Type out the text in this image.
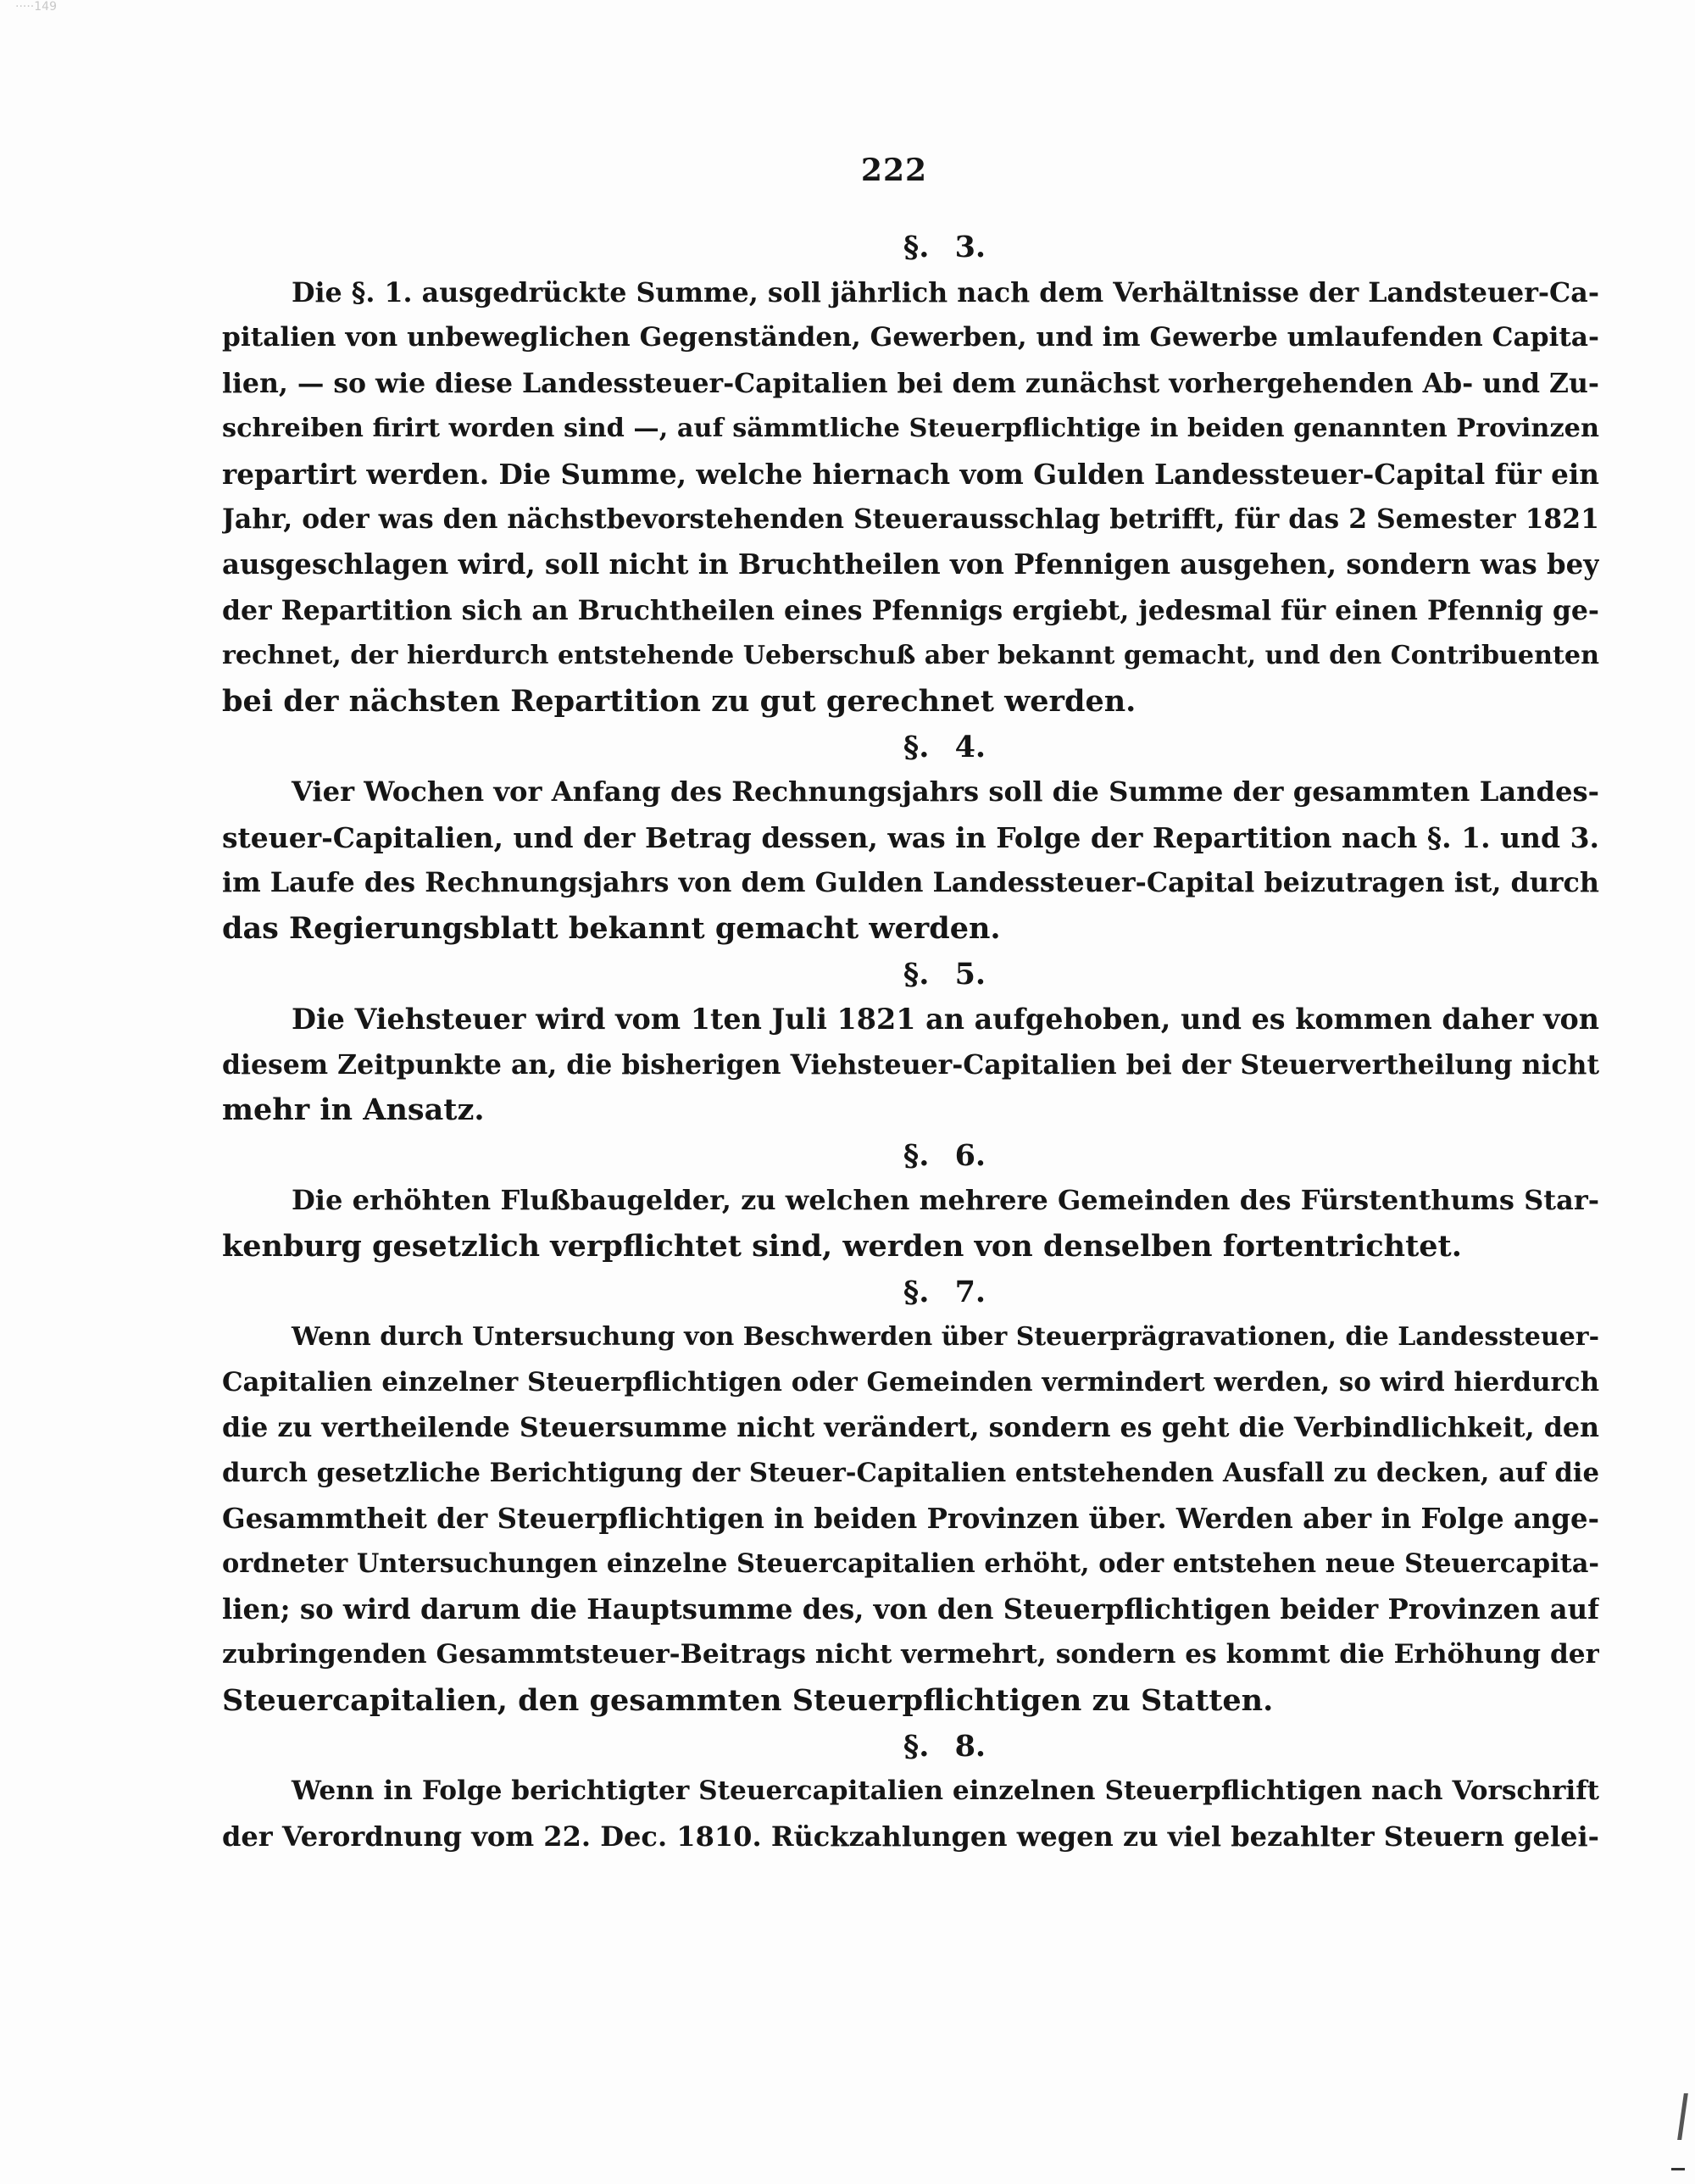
·····149
222
§. 3.
Die §. 1. ausgedrückte Summe, soll jährlich nach dem Verhältnisse der Landsteuer-Ca-
pitalien von unbeweglichen Gegenständen, Gewerben, und im Gewerbe umlaufenden Capita-
lien, — so wie diese Landessteuer-Capitalien bei dem zunächst vorhergehenden Ab- und Zu-
schreiben firirt worden sind —, auf sämmtliche Steuerpflichtige in beiden genannten Provinzen
repartirt werden. Die Summe, welche hiernach vom Gulden Landessteuer-Capital für ein
Jahr, oder was den nächstbevorstehenden Steuerausschlag betrifft, für das 2 Semester 1821
ausgeschlagen wird, soll nicht in Bruchtheilen von Pfennigen ausgehen, sondern was bey
der Repartition sich an Bruchtheilen eines Pfennigs ergiebt, jedesmal für einen Pfennig ge-
rechnet, der hierdurch entstehende Ueberschuß aber bekannt gemacht, und den Contribuenten
bei der nächsten Repartition zu gut gerechnet werden.
§. 4.
Vier Wochen vor Anfang des Rechnungsjahrs soll die Summe der gesammten Landes-
steuer-Capitalien, und der Betrag dessen, was in Folge der Repartition nach §. 1. und 3.
im Laufe des Rechnungsjahrs von dem Gulden Landessteuer-Capital beizutragen ist, durch
das Regierungsblatt bekannt gemacht werden.
§. 5.
Die Viehsteuer wird vom 1ten Juli 1821 an aufgehoben, und es kommen daher von
diesem Zeitpunkte an, die bisherigen Viehsteuer-Capitalien bei der Steuervertheilung nicht
mehr in Ansatz.
§. 6.
Die erhöhten Flußbaugelder, zu welchen mehrere Gemeinden des Fürstenthums Star-
kenburg gesetzlich verpflichtet sind, werden von denselben fortentrichtet.
§. 7.
Wenn durch Untersuchung von Beschwerden über Steuerprägravationen, die Landessteuer-
Capitalien einzelner Steuerpflichtigen oder Gemeinden vermindert werden, so wird hierdurch
die zu vertheilende Steuersumme nicht verändert, sondern es geht die Verbindlichkeit, den
durch gesetzliche Berichtigung der Steuer-Capitalien entstehenden Ausfall zu decken, auf die
Gesammtheit der Steuerpflichtigen in beiden Provinzen über. Werden aber in Folge ange-
ordneter Untersuchungen einzelne Steuercapitalien erhöht, oder entstehen neue Steuercapita-
lien; so wird darum die Hauptsumme des, von den Steuerpflichtigen beider Provinzen auf
zubringenden Gesammtsteuer-Beitrags nicht vermehrt, sondern es kommt die Erhöhung der
Steuercapitalien, den gesammten Steuerpflichtigen zu Statten.
§. 8.
Wenn in Folge berichtigter Steuercapitalien einzelnen Steuerpflichtigen nach Vorschrift
der Verordnung vom 22. Dec. 1810. Rückzahlungen wegen zu viel bezahlter Steuern gelei-
